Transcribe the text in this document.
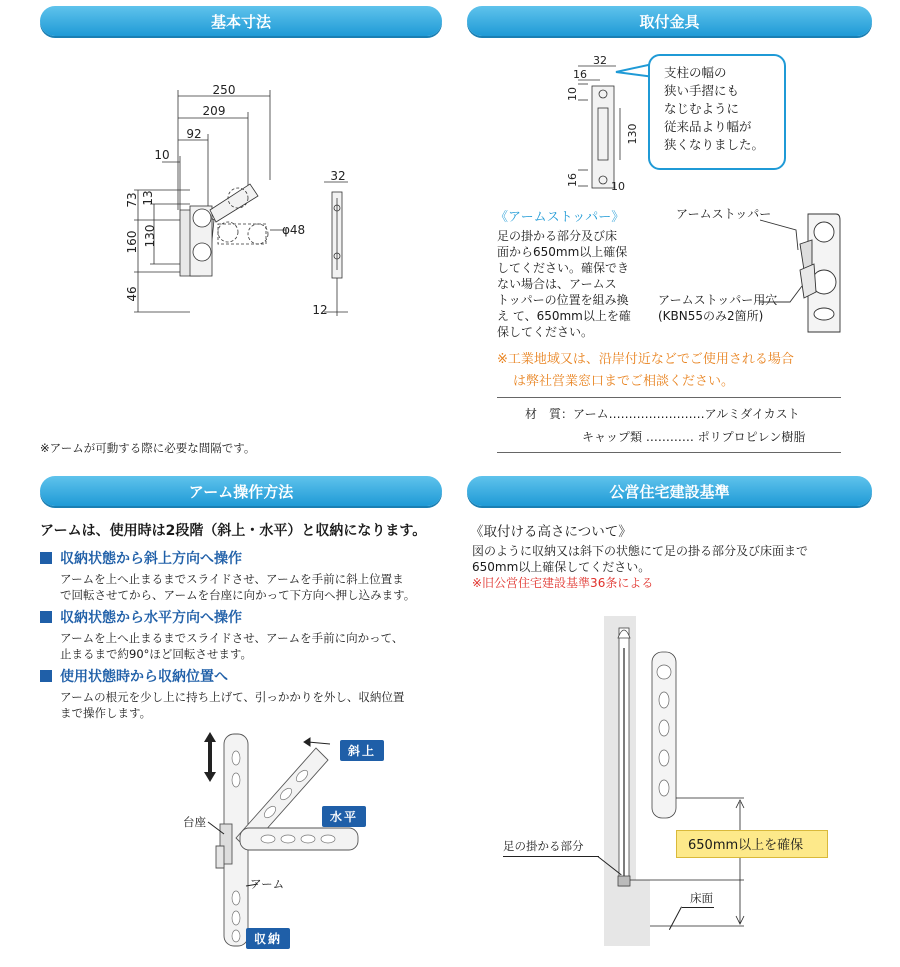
基本寸法	取付金具
アーム操作方法	公営住宅建設基準
250
209
92
10
73 13
160 130
46
φ48
32
12
※アームが可動する際に必要な間隔です。
32
16
10
130
16	10
支柱の幅の
狭い手摺にも
なじむように
従来品より幅が
狭くなりました。
《アームストッパー》
足の掛かる部分及び床
面から650mm以上確保
してください。確保でき
ない場合は、アームス
トッパーの位置を組み換
え て、650mm以上を確
保してください。
アームストッパー
アームストッパー用穴
(KBN55のみ2箇所)
※工業地域又は、沿岸付近などでご使用される場合
は弊社営業窓口までご相談ください。
材　質：アーム……………………アルミダイカスト
キャップ類 ………… ポリプロピレン樹脂
アームは、使用時は2段階（斜上・水平）と収納になります。
収納状態から斜上方向へ操作
アームを上へ止まるまでスライドさせ、アームを手前に斜上位置ま
で回転させてから、アームを台座に向かって下方向へ押し込みます。
収納状態から水平方向へ操作
アームを上へ止まるまでスライドさせ、アームを手前に向かって、
止まるまで約90°ほど回転させます。
使用状態時から収納位置へ
アームの根元を少し上に持ち上げて、引っかかりを外し、収納位置
まで操作します。
斜上
水平
収納
台座
アーム
《取付ける高さについて》
図のように収納又は斜下の状態にて足の掛る部分及び床面まで
650mm以上確保してください。
※旧公営住宅建設基準36条による
650mm以上を確保
足の掛かる部分
床面
